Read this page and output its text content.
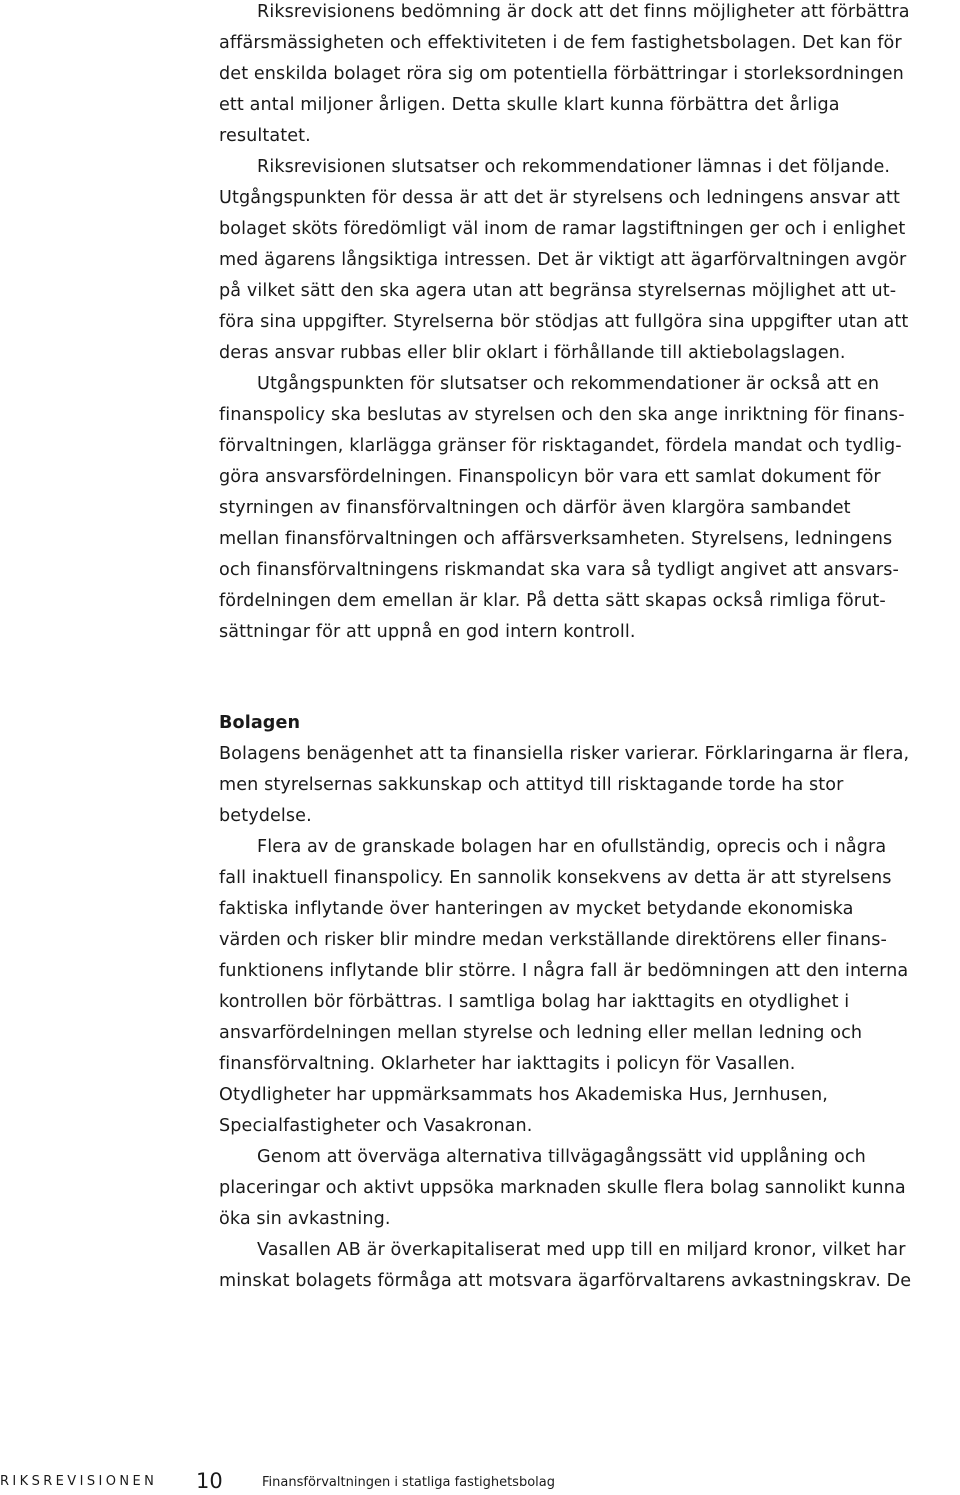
Riksrevisionens bedömning är dock att det finns möjligheter att förbättra
affärsmässigheten och effektiviteten i de fem fastighetsbolagen. Det kan för
det enskilda bolaget röra sig om potentiella förbättringar i storleksordningen
ett antal miljoner årligen. Detta skulle klart kunna förbättra det årliga
resultatet.
Riksrevisionen slutsatser och rekommendationer lämnas i det följande.
Utgångspunkten för dessa är att det är styrelsens och ledningens ansvar att
bolaget sköts föredömligt väl inom de ramar lagstiftningen ger och i enlighet
med ägarens långsiktiga intressen. Det är viktigt att ägarförvaltningen avgör
på vilket sätt den ska agera utan att begränsa styrelsernas möjlighet att ut-
föra sina uppgifter. Styrelserna bör stödjas att fullgöra sina uppgifter utan att
deras ansvar rubbas eller blir oklart i förhållande till aktiebolagslagen.
Utgångspunkten för slutsatser och rekommendationer är också att en
finanspolicy ska beslutas av styrelsen och den ska ange inriktning för finans-
förvaltningen, klarlägga gränser för risktagandet, fördela mandat och tydlig-
göra ansvarsfördelningen. Finanspolicyn bör vara ett samlat dokument för
styrningen av finansförvaltningen och därför även klargöra sambandet
mellan finansförvaltningen och affärsverksamheten. Styrelsens, ledningens
och finansförvaltningens riskmandat ska vara så tydligt angivet att ansvars-
fördelningen dem emellan är klar. På detta sätt skapas också rimliga förut-
sättningar för att uppnå en god intern kontroll.
Bolagen
Bolagens benägenhet att ta finansiella risker varierar. Förklaringarna är flera,
men styrelsernas sakkunskap och attityd till risktagande torde ha stor
betydelse.
Flera av de granskade bolagen har en ofullständig, oprecis och i några
fall inaktuell finanspolicy. En sannolik konsekvens av detta är att styrelsens
faktiska inflytande över hanteringen av mycket betydande ekonomiska
värden och risker blir mindre medan verkställande direktörens eller finans-
funktionens inflytande blir större. I några fall är bedömningen att den interna
kontrollen bör förbättras. I samtliga bolag har iakttagits en otydlighet i
ansvarfördelningen mellan styrelse och ledning eller mellan ledning och
finansförvaltning. Oklarheter har iakttagits i policyn för Vasallen.
Otydligheter har uppmärksammats hos Akademiska Hus, Jernhusen,
Specialfastigheter och Vasakronan.
Genom att överväga alternativa tillvägagångssätt vid upplåning och
placeringar och aktivt uppsöka marknaden skulle flera bolag sannolikt kunna
öka sin avkastning.
Vasallen AB är överkapitaliserat med upp till en miljard kronor, vilket har
minskat bolagets förmåga att motsvara ägarförvaltarens avkastningskrav. De
RIKSREVISIONEN 10	Finansförvaltningen i statliga fastighetsbolag
